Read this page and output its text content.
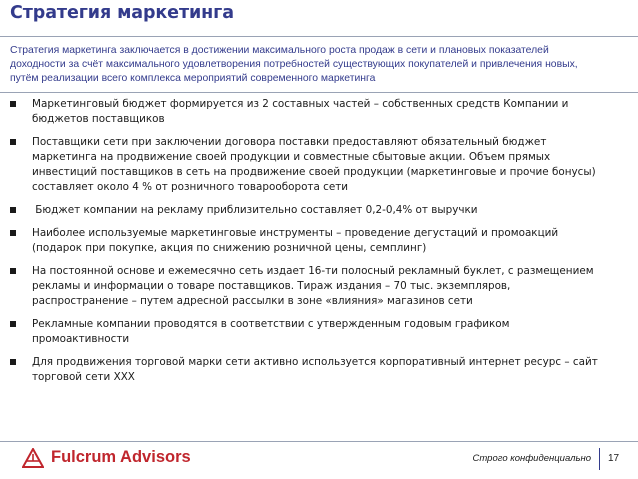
Стратегия маркетинга
Стратегия маркетинга заключается в достижении максимального роста продаж в сети и плановых показателей
доходности за счёт максимального удовлетворения потребностей существующих покупателей и привлечения новых,
путём реализации всего комплекса мероприятий современного маркетинга
Маркетинговый бюджет формируется из 2 составных частей – собственных средств Компании и
бюджетов поставщиков
Поставщики сети при заключении договора поставки предоставляют обязательный бюджет
маркетинга на продвижение своей продукции и совместные сбытовые акции. Объем прямых
инвестиций поставщиков в сеть на продвижение своей продукции (маркетинговые и прочие бонусы)
составляет около 4 % от розничного товарооборота сети
Бюджет компании на рекламу приблизительно составляет 0,2-0,4% от выручки
Наиболее используемые маркетинговые инструменты – проведение дегустаций и промоакций
(подарок при покупке, акция по снижению розничной цены, семплинг)
На постоянной основе и ежемесячно сеть издает 16-ти полосный рекламный буклет, с размещением
рекламы и информации о товаре поставщиков. Тираж издания – 70 тыс. экземпляров,
распространение – путем адресной рассылки в зоне «влияния» магазинов сети
Рекламные компании проводятся в соответствии с утвержденным годовым графиком
промоактивности
Для продвижения торговой марки сети активно используется корпоративный интернет ресурс – сайт
торговой сети XXX
Fulcrum Advisors	Строго конфиденциально 17
